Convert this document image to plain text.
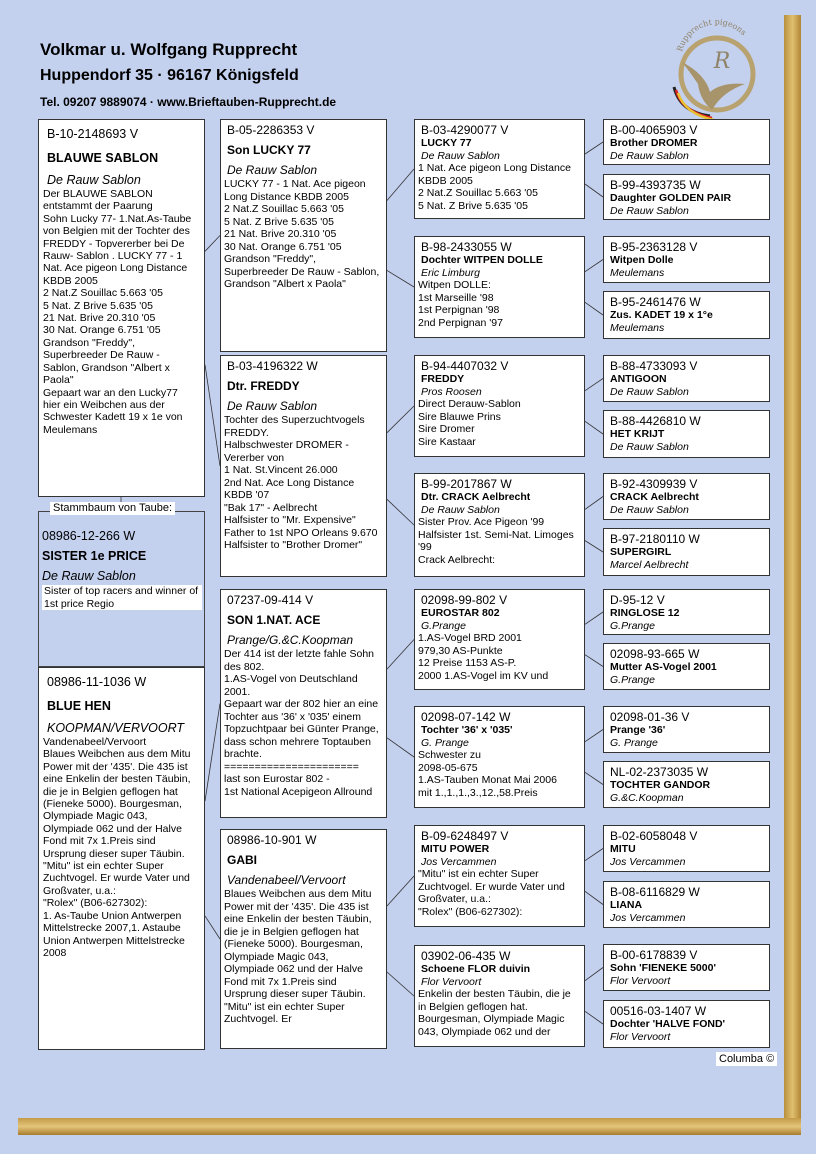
Volkmar u. Wolfgang Rupprecht
Huppendorf 35 · 96167 Königsfeld
Tel. 09207 9889074 · www.Brieftauben-Rupprecht.de
R
Rupprecht pigeons
B-10-2148693 V
BLAUWE SABLON
De Rauw Sablon
Der BLAUWE SABLON entstammt der Paarung
Sohn Lucky 77- 1.Nat.As-Taube von Belgien mit der Tochter des FREDDY - Topvererber bei De Rauw- Sablon . LUCKY 77 - 1 Nat. Ace pigeon Long Distance KBDB 2005
2 Nat.Z Souillac 5.663 '05
5 Nat. Z Brive 5.635 '05
21 Nat. Brive 20.310 '05
30 Nat. Orange 6.751 '05
Grandson "Freddy", Superbreeder De Rauw - Sablon, Grandson "Albert x Paola"
Gepaart war an den Lucky77 hier ein Weibchen aus der Schwester Kadett 19 x 1e von Meulemans
08986-11-1036 W
BLUE HEN
KOOPMAN/VERVOORT
Vandenabeel/Vervoort
Blaues Weibchen aus dem Mitu Power mit der '435'. Die 435 ist eine Enkelin der besten Täubin, die je in Belgien geflogen hat (Fieneke 5000). Bourgesman, Olympiade Magic 043, Olympiade 062 und der Halve Fond mit 7x 1.Preis sind Ursprung dieser super Täubin. "Mitu" ist ein echter Super Zuchtvogel. Er wurde Vater und Großvater, u.a.:
"Rolex" (B06-627302):
1. As-Taube Union Antwerpen Mittelstrecke 2007,1. Astaube Union Antwerpen Mittelstrecke 2008
B-05-2286353 V
Son LUCKY 77
De Rauw Sablon
LUCKY 77 - 1 Nat. Ace pigeon Long Distance KBDB 2005
2 Nat.Z Souillac 5.663 '05
5 Nat. Z Brive 5.635 '05
21 Nat. Brive 20.310 '05
30 Nat. Orange 6.751 '05
Grandson "Freddy", Superbreeder De Rauw - Sablon, Grandson "Albert x Paola"
B-03-4196322 W
Dtr. FREDDY
De Rauw Sablon
Tochter des Superzuchtvogels FREDDY.
Halbschwester DROMER - Vererber von
1 Nat. St.Vincent 26.000
2nd Nat. Ace Long Distance KBDB '07
"Bak 17" - Aelbrecht
Halfsister to "Mr. Expensive"
Father to 1st NPO Orleans 9.670
Halfsister to "Brother Dromer"
07237-09-414 V
SON 1.NAT. ACE
Prange/G.&C.Koopman
Der 414 ist der letzte fahle Sohn des 802.
1.AS-Vogel von Deutschland 2001.
Gepaart war der 802 hier an eine Tochter aus '36' x '035' einem Topzuchtpaar bei Günter Prange, dass schon mehrere Toptauben brachte.
======================
last son Eurostar 802 -
1st National Acepigeon Allround
08986-10-901 W
GABI
Vandenabeel/Vervoort
Blaues Weibchen aus dem Mitu Power mit der '435'. Die 435 ist eine Enkelin der besten Täubin, die je in Belgien geflogen hat (Fieneke 5000). Bourgesman, Olympiade Magic 043, Olympiade 062 und der Halve Fond mit 7x 1.Preis sind Ursprung dieser super Täubin. "Mitu" ist ein echter Super Zuchtvogel. Er
B-03-4290077 V
LUCKY 77
De Rauw Sablon
1 Nat. Ace pigeon Long Distance KBDB 2005
2 Nat.Z Souillac 5.663 '05
5 Nat. Z Brive 5.635 '05
B-98-2433055 W
Dochter WITPEN DOLLE
Eric Limburg
Witpen DOLLE:
1st Marseille '98
1st Perpignan '98
2nd Perpignan '97
B-94-4407032 V
FREDDY
Pros Roosen
Direct Derauw-Sablon
Sire Blauwe Prins
Sire Dromer
Sire Kastaar
B-99-2017867 W
Dtr. CRACK Aelbrecht
De Rauw Sablon
Sister Prov. Ace Pigeon '99
Halfsister 1st. Semi-Nat. Limoges '99
Crack Aelbrecht:
02098-99-802 V
EUROSTAR 802
G.Prange
1.AS-Vogel BRD 2001
979,30 AS-Punkte
12 Preise 1153 AS-P.
2000 1.AS-Vogel im KV und
02098-07-142 W
Tochter '36' x '035'
G. Prange
Schwester zu
2098-05-675
1.AS-Tauben Monat Mai 2006
mit 1.,1.,1.,3.,12.,58.Preis
B-09-6248497 V
MITU POWER
Jos Vercammen
"Mitu" ist ein echter Super Zuchtvogel. Er wurde Vater und Großvater, u.a.:
"Rolex" (B06-627302):
03902-06-435 W
Schoene FLOR duivin
Flor Vervoort
Enkelin der besten Täubin, die je in Belgien geflogen hat. Bourgesman, Olympiade Magic 043, Olympiade 062 und der
B-00-4065903 V
Brother DROMER
De Rauw Sablon
B-99-4393735 W
Daughter GOLDEN PAIR
De Rauw Sablon
B-95-2363128 V
Witpen Dolle
Meulemans
B-95-2461476 W
Zus. KADET 19 x 1°e
Meulemans
B-88-4733093 V
ANTIGOON
De Rauw Sablon
B-88-4426810 W
HET KRIJT
De Rauw Sablon
B-92-4309939 V
CRACK Aelbrecht
De Rauw Sablon
B-97-2180110 W
SUPERGIRL
Marcel Aelbrecht
D-95-12 V
RINGLOSE 12
G.Prange
02098-93-665 W
Mutter AS-Vogel 2001
G.Prange
02098-01-36 V
Prange '36'
G. Prange
NL-02-2373035 W
TOCHTER GANDOR
G.&C.Koopman
B-02-6058048 V
MITU
Jos Vercammen
B-08-6116829 W
LIANA
Jos Vercammen
B-00-6178839 V
Sohn 'FIENEKE 5000'
Flor Vervoort
00516-03-1407 W
Dochter 'HALVE FOND'
Flor Vervoort
Stammbaum von Taube:
08986-12-266 W
SISTER 1e PRICE
De Rauw Sablon
Sister of top racers and winner of 1st price Regio
Columba ©
